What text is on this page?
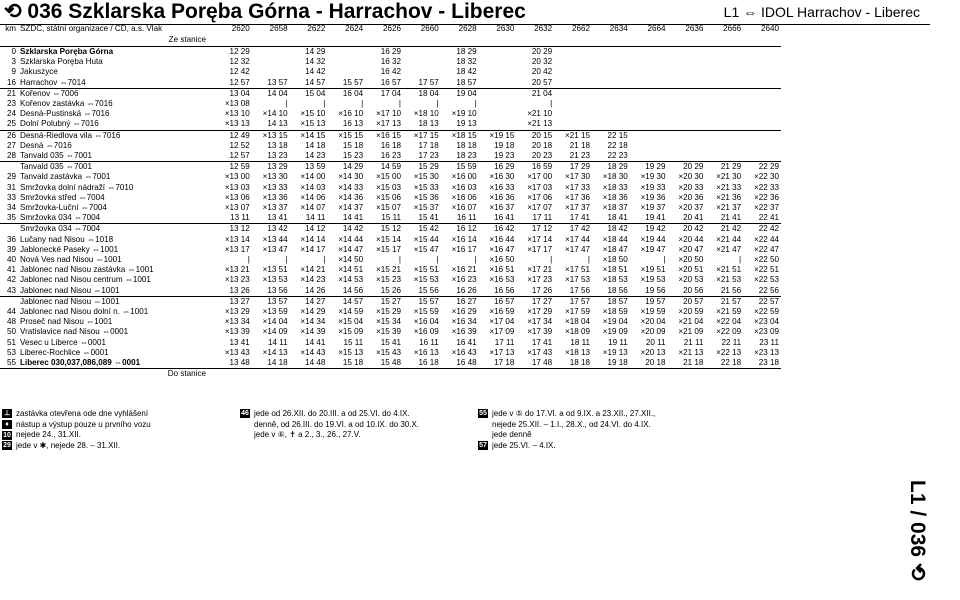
⟲ 036 Szklarska Poręba Górna - Harrachov - Liberec	L1 ⇔ IDOL Harrachov - Liberec
L1 / 036 ⟲
km	SŽDC, státní organizace / ČD, a.s. Vlak	2620	2658	2622	2624	2626	2660	2628	2630	2632	2662	2634	2664	2636	2666	2640
	Ze stanice															
0	Szklarska Poręba Górna	12 29		14 29		16 29		18 29		20 29						
3	Szklarska Poręba Huta	12 32		14 32		16 32		18 32		20 32						
9	Jakuszyce	12 42		14 42		16 42		18 42		20 42						
16	Harrachov ⇔7014	12 57	13 57	14 57	15 57	16 57	17 57	18 57		20 57						
21	Kořenov ⇔7006	13 04	14 04	15 04	16 04	17 04	18 04	19 04		21 04						
23	Kořenov zastávka ⇔7016	×13 08	|	|	|	|	|	|		|						
24	Desná-Pustinská ⇔7016	×13 10	×14 10	×15 10	×16 10	×17 10	×18 10	×19 10		×21 10						
25	Dolní Polubný ⇔7016	×13 13	14 13	×15 13	16 13	×17 13	18 13	19 13		×21 13						
26	Desná-Riedlova vila ⇔7016	12 49	×13 15	×14 15	×15 15	×16 15	×17 15	×18 15	×19 15	20 15	×21 15	22 15				
27	Desná ⇔7016	12 52	13 18	14 18	15 18	16 18	17 18	18 18	19 18	20 18	21 18	22 18				
28	Tanvald 035 ⇔7001	12 57	13 23	14 23	15 23	16 23	17 23	18 23	19 23	20 23	21 23	22 23				
	Tanvald 035 ⇔7001	12 59	13 29	13 59	14 29	14 59	15 29	15 59	16 29	16 59	17 29	18 29	19 29	20 29	21 29	22 29
29	Tanvald zastávka ⇔7001	×13 00	×13 30	×14 00	×14 30	×15 00	×15 30	×16 00	×16 30	×17 00	×17 30	×18 30	×19 30	×20 30	×21 30	×22 30
31	Smržovka dolní nádraží ⇔7010	×13 03	×13 33	×14 03	×14 33	×15 03	×15 33	×16 03	×16 33	×17 03	×17 33	×18 33	×19 33	×20 33	×21 33	×22 33
33	Smržovka střed ⇔7004	×13 06	×13 36	×14 06	×14 36	×15 06	×15 36	×16 06	×16 36	×17 06	×17 36	×18 36	×19 36	×20 36	×21 36	×22 36
34	Smržovka-Luční ⇔7004	×13 07	×13 37	×14 07	×14 37	×15 07	×15 37	×16 07	×16 37	×17 07	×17 37	×18 37	×19 37	×20 37	×21 37	×22 37
35	Smržovka 034 ⇔7004	13 11	13 41	14 11	14 41	15 11	15 41	16 11	16 41	17 11	17 41	18 41	19 41	20 41	21 41	22 41
	Smržovka 034 ⇔7004	13 12	13 42	14 12	14 42	15 12	15 42	16 12	16 42	17 12	17 42	18 42	19 42	20 42	21 42	22 42
36	Lučany nad Nisou ⇔1018	×13 14	×13 44	×14 14	×14 44	×15 14	×15 44	×16 14	×16 44	×17 14	×17 44	×18 44	×19 44	×20 44	×21 44	×22 44
39	Jablonecké Paseky ⇔1001	×13 17	×13 47	×14 17	×14 47	×15 17	×15 47	×16 17	×16 47	×17 17	×17 47	×18 47	×19 47	×20 47	×21 47	×22 47
40	Nová Ves nad Nisou ⇔1001	|	|	|	×14 50	|	|	|	×16 50	|	|	×18 50	|	×20 50	|	×22 50
41	Jablonec nad Nisou zastávka ⇔1001	×13 21	×13 51	×14 21	×14 51	×15 21	×15 51	×16 21	×16 51	×17 21	×17 51	×18 51	×19 51	×20 51	×21 51	×22 51
42	Jablonec nad Nisou centrum ⇔1001	×13 23	×13 53	×14 23	×14 53	×15 23	×15 53	×16 23	×16 53	×17 23	×17 53	×18 53	×19 53	×20 53	×21 53	×22 53
43	Jablonec nad Nisou ⇔1001	13 26	13 56	14 26	14 56	15 26	15 56	16 26	16 56	17 26	17 56	18 56	19 56	20 56	21 56	22 56
	Jablonec nad Nisou ⇔1001	13 27	13 57	14 27	14 57	15 27	15 57	16 27	16 57	17 27	17 57	18 57	19 57	20 57	21 57	22 57
44	Jablonec nad Nisou dolní n. ⇔1001	×13 29	×13 59	×14 29	×14 59	×15 29	×15 59	×16 29	×16 59	×17 29	×17 59	×18 59	×19 59	×20 59	×21 59	×22 59
48	Proseč nad Nisou ⇔1001	×13 34	×14 04	×14 34	×15 04	×15 34	×16 04	×16 34	×17 04	×17 34	×18 04	×19 04	×20 04	×21 04	×22 04	×23 04
50	Vratislavice nad Nisou ⇔0001	×13 39	×14 09	×14 39	×15 09	×15 39	×16 09	×16 39	×17 09	×17 39	×18 09	×19 09	×20 09	×21 09	×22 09	×23 09
51	Vesec u Liberce ⇔0001	13 41	14 11	14 41	15 11	15 41	16 11	16 41	17 11	17 41	18 11	19 11	20 11	21 11	22 11	23 11
53	Liberec-Rochlice ⇔0001	×13 43	×14 13	×14 43	×15 13	×15 43	×16 13	×16 43	×17 13	×17 43	×18 13	×19 13	×20 13	×21 13	×22 13	×23 13
55	Liberec 030,037,086,089 ⇔0001	13 48	14 18	14 48	15 18	15 48	16 18	16 48	17 18	17 48	18 18	19 18	20 18	21 18	22 18	23 18
	Do stanice															
⊥ zastávka otevřena ode dne vyhlášení
♦ nástup a výstup pouze u prvního vozu
10 nejede 24., 31.XII.
29 jede v ✱, nejede 28. – 31.XII.
46 jede od 26.XII. do 20.III. a od 25.VI. do 4.IX.
denně, od 26.III. do 19.VI. a od 10.IX. do 30.X.
jede v ⑥, ✝ a 2., 3., 26., 27.V.
55 jede v ⑤ do 17.VI. a od 9.IX. a 23.XII., 27.XII.,
nejede 25.XII. – 1.I., 28.X., od 24.VI. do 4.IX.
jede denně
57 jede 25.VI. – 4.IX.
